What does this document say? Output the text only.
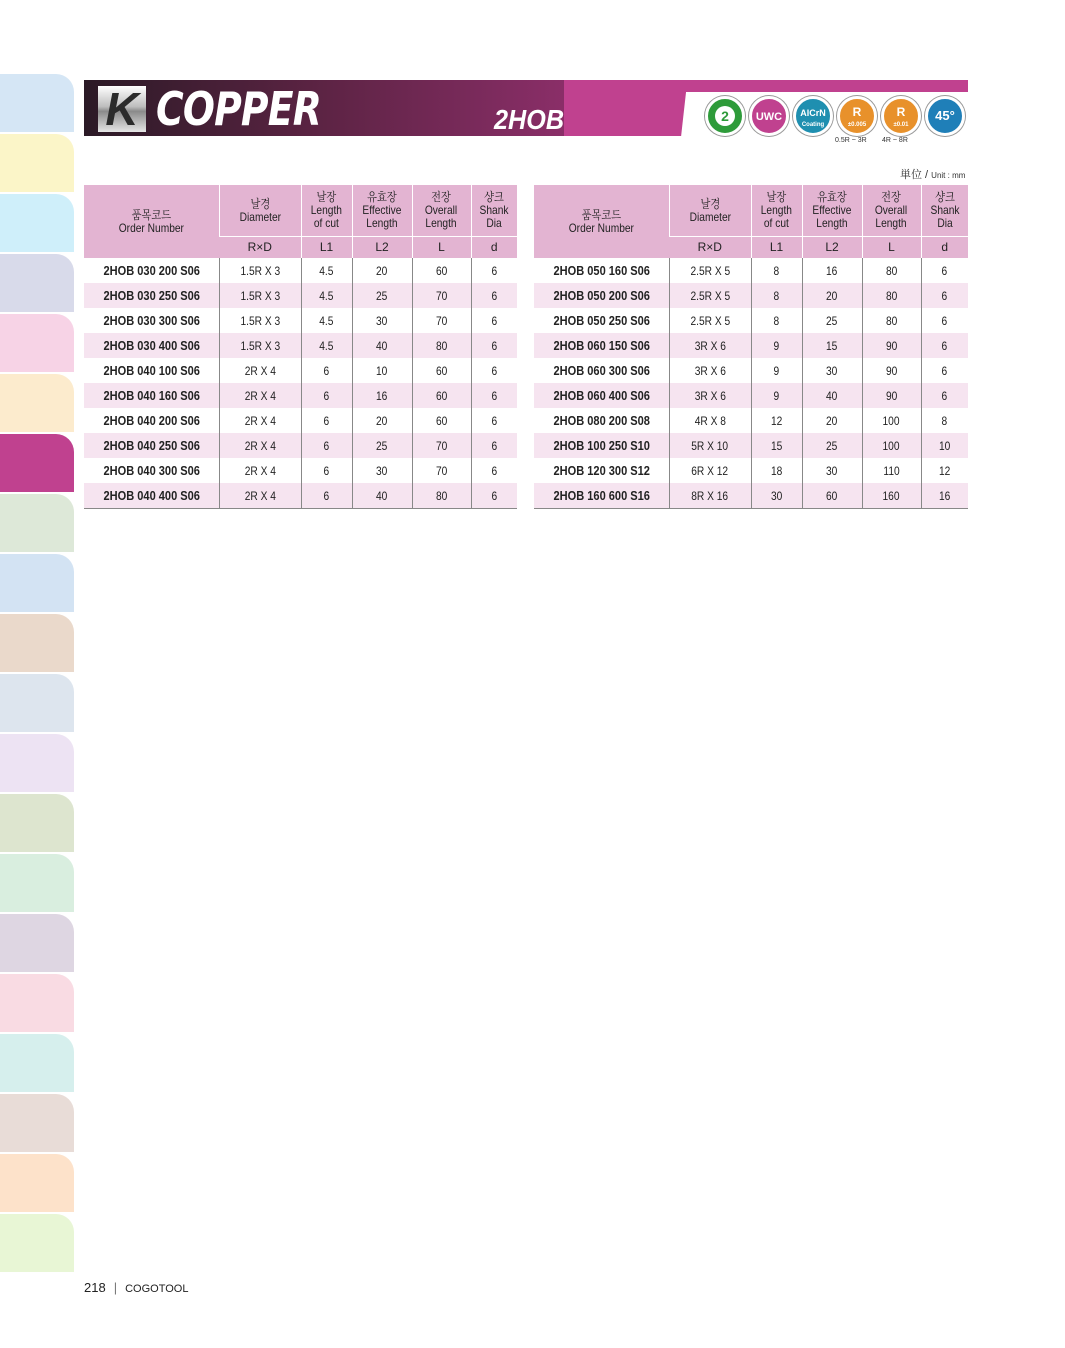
K COPPER	2HOB	2	UWC	$^{AlCrN}$
Coating
R
±0.005
R
±0.01
45°
0.5R ~ 3R 4R ~ 8R
単位 / Unit : mm
품목코드
Order Number	날경
Diameter	날장
Length
of cut	유효장
Effective
Length	전장
Overall
Length	샹크
Shank
Dia
	R×D	L1	L2	L	d
2HOB 030 200 S06	1.5R X 3	4.5	20	60	6
2HOB 030 250 S06	1.5R X 3	4.5	25	70	6
2HOB 030 300 S06	1.5R X 3	4.5	30	70	6
2HOB 030 400 S06	1.5R X 3	4.5	40	80	6
2HOB 040 100 S06	2R X 4	6	10	60	6
2HOB 040 160 S06	2R X 4	6	16	60	6
2HOB 040 200 S06	2R X 4	6	20	60	6
2HOB 040 250 S06	2R X 4	6	25	70	6
2HOB 040 300 S06	2R X 4	6	30	70	6
2HOB 040 400 S06	2R X 4	6	40	80	6
품목코드
Order Number	날경
Diameter	날장
Length
of cut	유효장
Effective
Length	전장
Overall
Length	샹크
Shank
Dia
	R×D	L1	L2	L	d
2HOB 050 160 S06	2.5R X 5	8	16	80	6
2HOB 050 200 S06	2.5R X 5	8	20	80	6
2HOB 050 250 S06	2.5R X 5	8	25	80	6
2HOB 060 150 S06	3R X 6	9	15	90	6
2HOB 060 300 S06	3R X 6	9	30	90	6
2HOB 060 400 S06	3R X 6	9	40	90	6
2HOB 080 200 S08	4R X 8	12	20	100	8
2HOB 100 250 S10	5R X 10	15	25	100	10
2HOB 120 300 S12	6R X 12	18	30	110	12
2HOB 160 600 S16	8R X 16	30	60	160	16
218 | COGOTOOL
